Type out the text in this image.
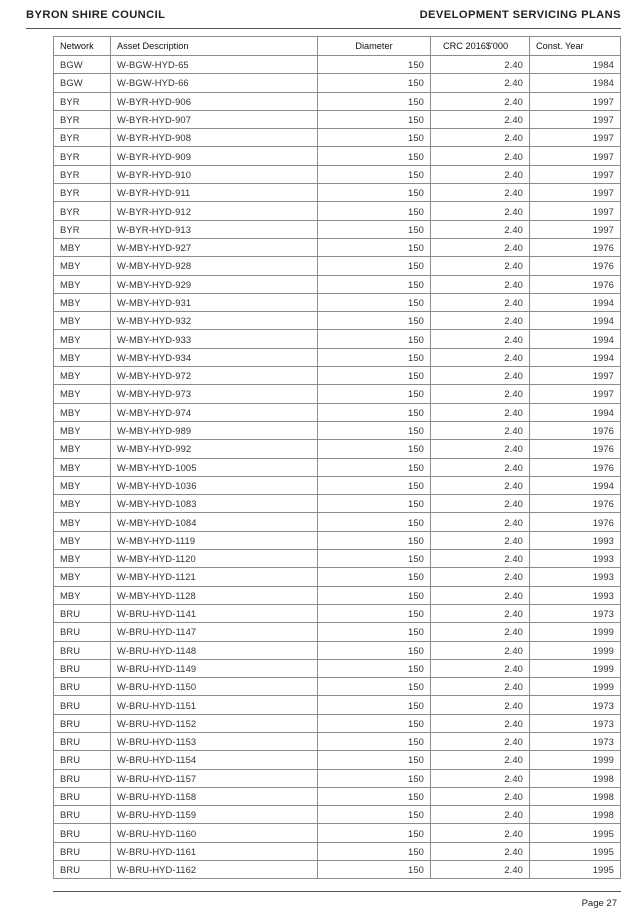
BYRON SHIRE COUNCIL	DEVELOPMENT SERVICING PLANS
Network	Asset Description	Diameter	CRC 2016$'000	Const. Year
BGW	W-BGW-HYD-65	150	2.40	1984
BGW	W-BGW-HYD-66	150	2.40	1984
BYR	W-BYR-HYD-906	150	2.40	1997
BYR	W-BYR-HYD-907	150	2.40	1997
BYR	W-BYR-HYD-908	150	2.40	1997
BYR	W-BYR-HYD-909	150	2.40	1997
BYR	W-BYR-HYD-910	150	2.40	1997
BYR	W-BYR-HYD-911	150	2.40	1997
BYR	W-BYR-HYD-912	150	2.40	1997
BYR	W-BYR-HYD-913	150	2.40	1997
MBY	W-MBY-HYD-927	150	2.40	1976
MBY	W-MBY-HYD-928	150	2.40	1976
MBY	W-MBY-HYD-929	150	2.40	1976
MBY	W-MBY-HYD-931	150	2.40	1994
MBY	W-MBY-HYD-932	150	2.40	1994
MBY	W-MBY-HYD-933	150	2.40	1994
MBY	W-MBY-HYD-934	150	2.40	1994
MBY	W-MBY-HYD-972	150	2.40	1997
MBY	W-MBY-HYD-973	150	2.40	1997
MBY	W-MBY-HYD-974	150	2.40	1994
MBY	W-MBY-HYD-989	150	2.40	1976
MBY	W-MBY-HYD-992	150	2.40	1976
MBY	W-MBY-HYD-1005	150	2.40	1976
MBY	W-MBY-HYD-1036	150	2.40	1994
MBY	W-MBY-HYD-1083	150	2.40	1976
MBY	W-MBY-HYD-1084	150	2.40	1976
MBY	W-MBY-HYD-1119	150	2.40	1993
MBY	W-MBY-HYD-1120	150	2.40	1993
MBY	W-MBY-HYD-1121	150	2.40	1993
MBY	W-MBY-HYD-1128	150	2.40	1993
BRU	W-BRU-HYD-1141	150	2.40	1973
BRU	W-BRU-HYD-1147	150	2.40	1999
BRU	W-BRU-HYD-1148	150	2.40	1999
BRU	W-BRU-HYD-1149	150	2.40	1999
BRU	W-BRU-HYD-1150	150	2.40	1999
BRU	W-BRU-HYD-1151	150	2.40	1973
BRU	W-BRU-HYD-1152	150	2.40	1973
BRU	W-BRU-HYD-1153	150	2.40	1973
BRU	W-BRU-HYD-1154	150	2.40	1999
BRU	W-BRU-HYD-1157	150	2.40	1998
BRU	W-BRU-HYD-1158	150	2.40	1998
BRU	W-BRU-HYD-1159	150	2.40	1998
BRU	W-BRU-HYD-1160	150	2.40	1995
BRU	W-BRU-HYD-1161	150	2.40	1995
BRU	W-BRU-HYD-1162	150	2.40	1995
Page 27
